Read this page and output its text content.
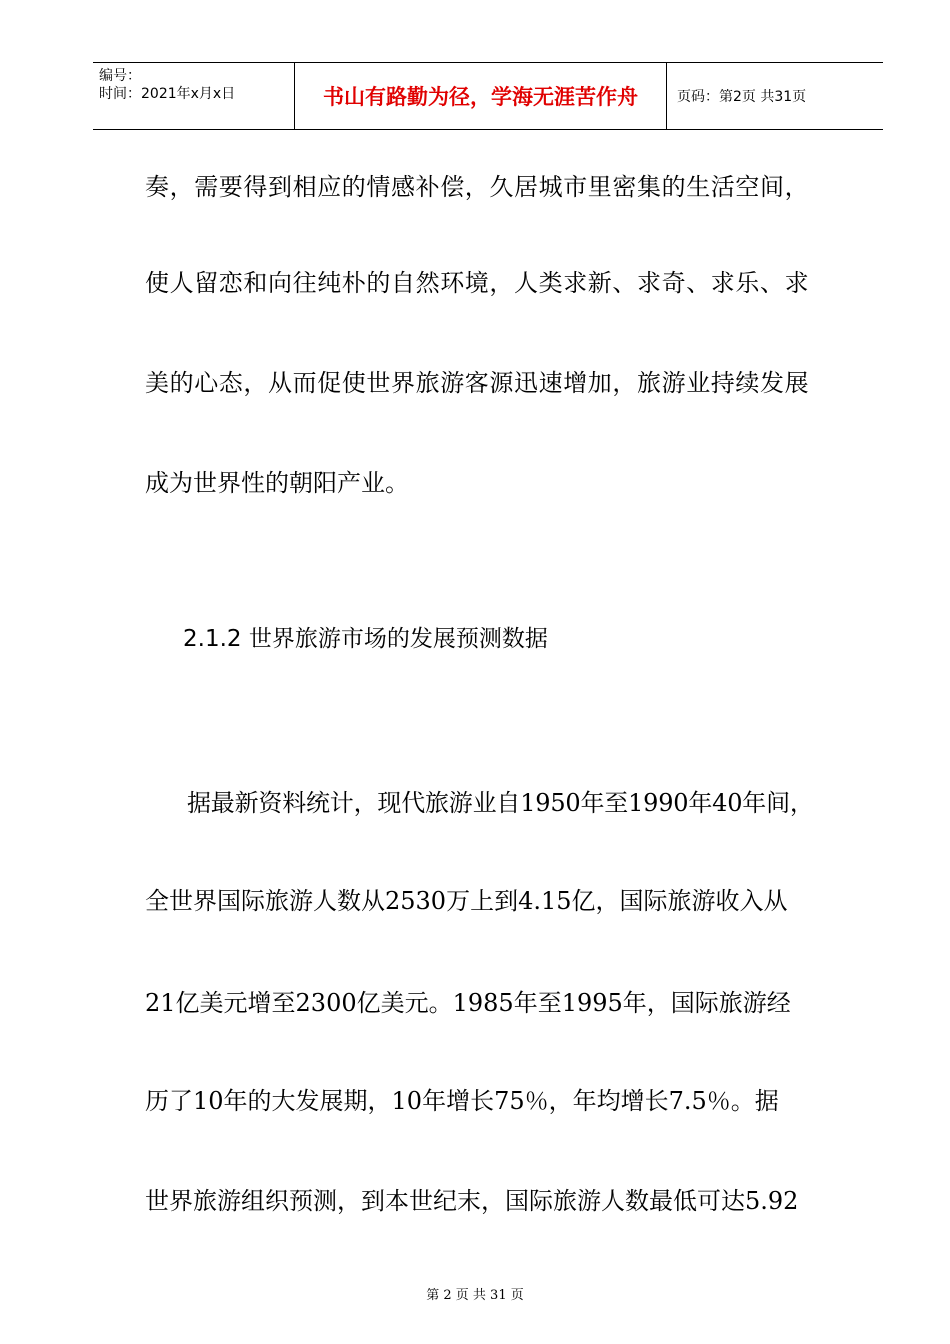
编号：
时间：2021年x月x日	书山有路勤为径，学海无涯苦作舟	页码：第2页 共31页
奏，需要得到相应的情感补偿，久居城市里密集的生活空间，
使人留恋和向往纯朴的自然环境，人类求新、求奇、求乐、求
美的心态，从而促使世界旅游客源迅速增加，旅游业持续发展
成为世界性的朝阳产业。
2.1.2 世界旅游市场的发展预测数据
据最新资料统计，现代旅游业自1950年至1990年40年间，
全世界国际旅游人数从2530万上到4.15亿，国际旅游收入从
21亿美元增至2300亿美元。1985年至1995年，国际旅游经
历了10年的大发展期，10年增长75％，年均增长7.5％。据
世界旅游组织预测，到本世纪末，国际旅游人数最低可达5.92
第 2 页 共 31 页
